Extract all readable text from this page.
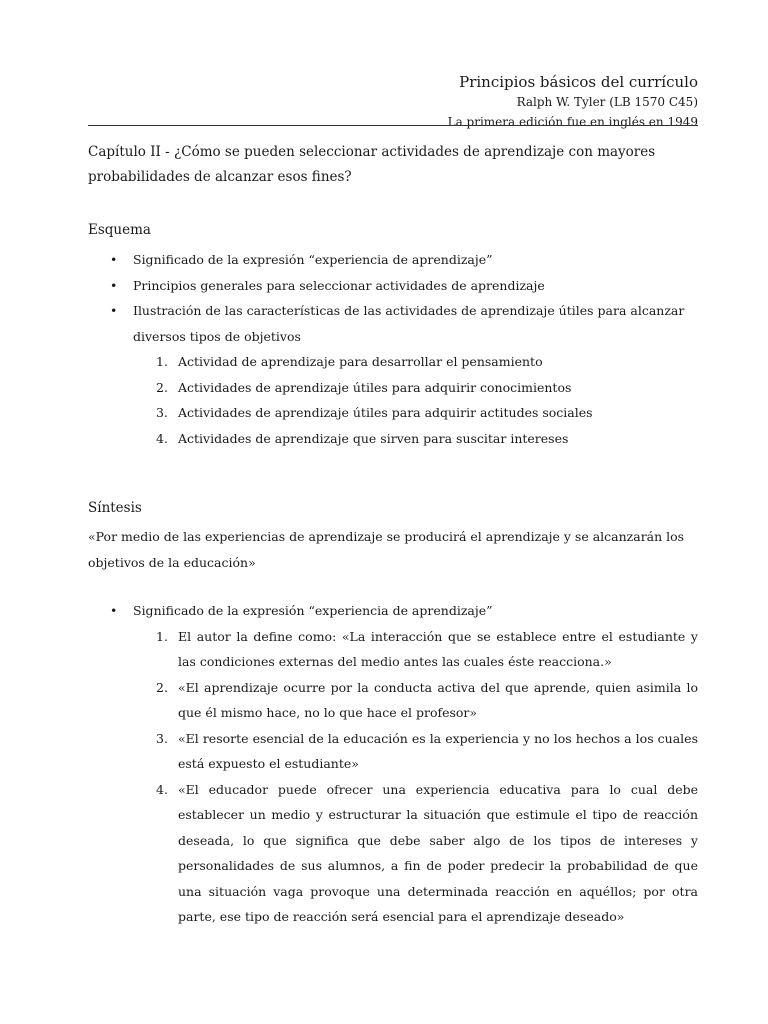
Principios básicos del currículo
Ralph W. Tyler (LB 1570 C45)
La primera edición fue en inglés en 1949
Capítulo II - ¿Cómo se pueden seleccionar actividades de aprendizaje con mayores probabilidades de alcanzar esos fines?
Esquema
• Significado de la expresión “experiencia de aprendizaje”
• Principios generales para seleccionar actividades de aprendizaje
• Ilustración de las características de las actividades de aprendizaje útiles para alcanzar diversos tipos de objetivos
1. Actividad de aprendizaje para desarrollar el pensamiento
2. Actividades de aprendizaje útiles para adquirir conocimientos
3. Actividades de aprendizaje útiles para adquirir actitudes sociales
4. Actividades de aprendizaje que sirven para suscitar intereses
Síntesis
«Por medio de las experiencias de aprendizaje se producirá el aprendizaje y se alcanzarán los objetivos de la educación»
• Significado de la expresión “experiencia de aprendizaje”
1. El autor la define como: «La interacción que se establece entre el estudiante y las condiciones externas del medio antes las cuales éste reacciona.»
2. «El aprendizaje ocurre por la conducta activa del que aprende, quien asimila lo que él mismo hace, no lo que hace el profesor»
3. «El resorte esencial de la educación es la experiencia y no los hechos a los cuales está expuesto el estudiante»
4. «El educador puede ofrecer una experiencia educativa para lo cual debe establecer un medio y estructurar la situación que estimule el tipo de reacción deseada, lo que significa que debe saber algo de los tipos de intereses y personalidades de sus alumnos, a fin de poder predecir la probabilidad de que una situación vaga provoque una determinada reacción en aquéllos; por otra parte, ese tipo de reacción será esencial para el aprendizaje deseado»
